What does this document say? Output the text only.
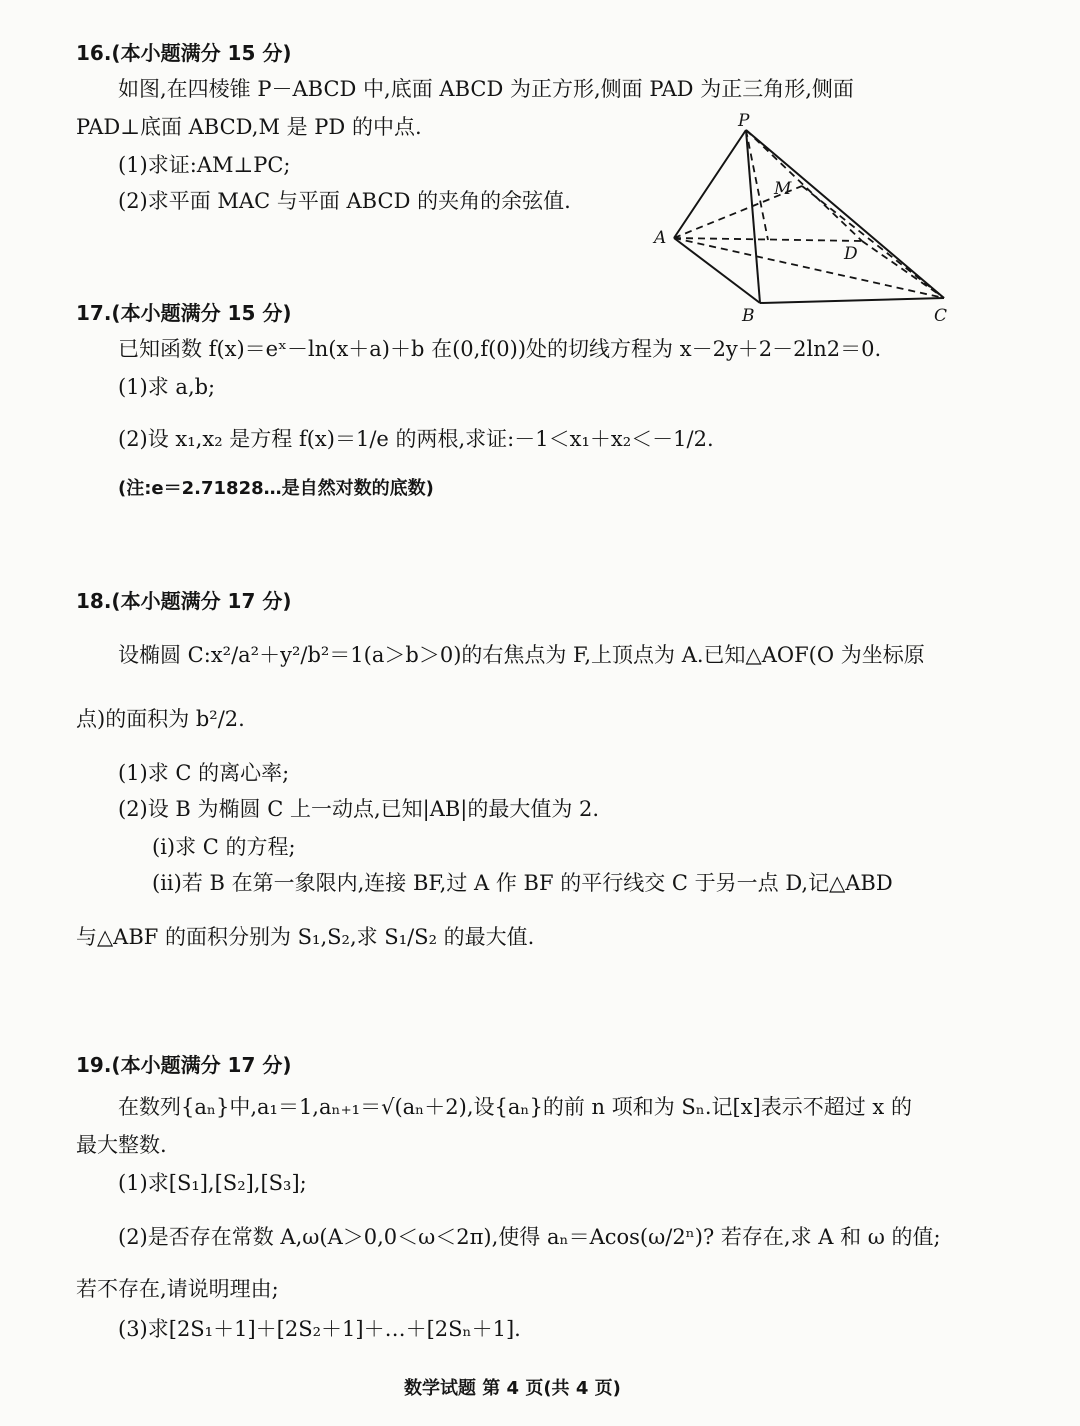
16.(本小题满分 15 分)
如图,在四棱锥 P－ABCD 中,底面 ABCD 为正方形,侧面 PAD 为正三角形,侧面
PAD⊥底面 ABCD,M 是 PD 的中点.
(1)求证:AM⊥PC;
(2)求平面 MAC 与平面 ABCD 的夹角的余弦值.
P
M
A
D
B	C
17.(本小题满分 15 分)
已知函数 f(x)＝eˣ－ln(x＋a)＋b 在(0,f(0))处的切线方程为 x－2y＋2－2ln2＝0.
(1)求 a,b;
(2)设 x₁,x₂ 是方程 f(x)＝1/e 的两根,求证:－1＜x₁＋x₂＜－1/2.
(注:e＝2.71828…是自然对数的底数)
18.(本小题满分 17 分)
设椭圆 C:x²/a²＋y²/b²＝1(a＞b＞0)的右焦点为 F,上顶点为 A.已知△AOF(O 为坐标原
点)的面积为 b²/2.
(1)求 C 的离心率;
(2)设 B 为椭圆 C 上一动点,已知|AB|的最大值为 2.
(i)求 C 的方程;
(ii)若 B 在第一象限内,连接 BF,过 A 作 BF 的平行线交 C 于另一点 D,记△ABD
与△ABF 的面积分别为 S₁,S₂,求 S₁/S₂ 的最大值.
19.(本小题满分 17 分)
在数列{aₙ}中,a₁＝1,aₙ₊₁＝√(aₙ＋2),设{aₙ}的前 n 项和为 Sₙ.记[x]表示不超过 x 的
最大整数.
(1)求[S₁],[S₂],[S₃];
(2)是否存在常数 A,ω(A＞0,0＜ω＜2π),使得 aₙ＝Acos(ω/2ⁿ)? 若存在,求 A 和 ω 的值;
若不存在,请说明理由;
(3)求[2S₁＋1]＋[2S₂＋1]＋…＋[2Sₙ＋1].
数学试题 第 4 页(共 4 页)
